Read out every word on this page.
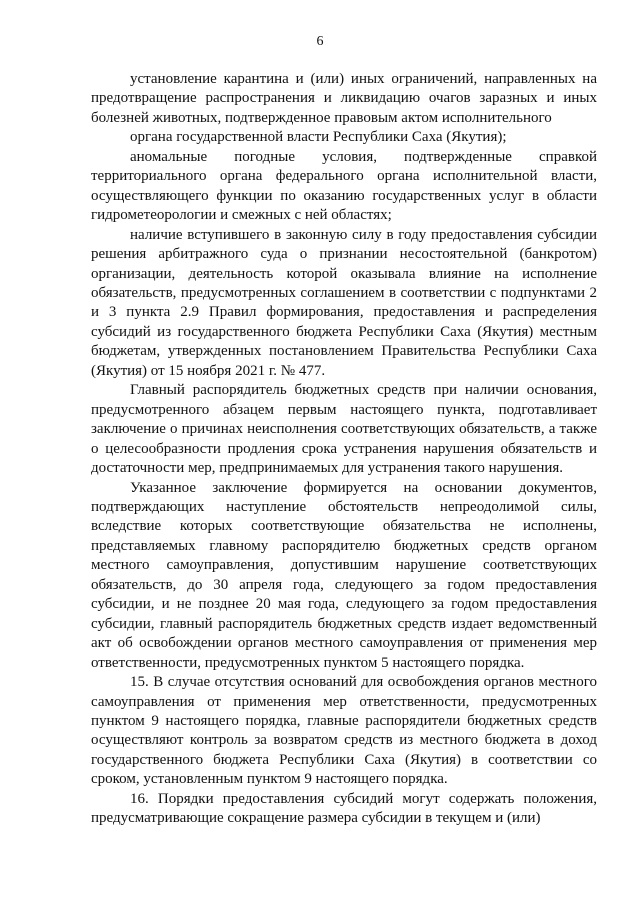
6

установление карантина и (или) иных ограничений, направленных на предотвращение распространения и ликвидацию очагов заразных и иных болезней животных, подтвержденное правовым актом исполнительного

органа государственной власти Республики Саха (Якутия);

аномальные погодные условия, подтвержденные справкой территориального органа федерального органа исполнительной власти, осуществляющего функции по оказанию государственных услуг в области гидрометеорологии и смежных с ней областях;

наличие вступившего в законную силу в году предоставления субсидии решения арбитражного суда о признании несостоятельной (банкротом) организации, деятельность которой оказывала влияние на исполнение обязательств, предусмотренных соглашением в соответствии с подпунктами 2 и 3 пункта 2.9 Правил формирования, предоставления и распределения субсидий из государственного бюджета Республики Саха (Якутия) местным бюджетам, утвержденных постановлением Правительства Республики Саха (Якутия) от 15 ноября 2021 г. № 477.

Главный распорядитель бюджетных средств при наличии основания, предусмотренного абзацем первым настоящего пункта, подготавливает заключение о причинах неисполнения соответствующих обязательств, а также о целесообразности продления срока устранения нарушения обязательств и достаточности мер, предпринимаемых для устранения такого нарушения.

Указанное заключение формируется на основании документов, подтверждающих наступление обстоятельств непреодолимой силы, вследствие которых соответствующие обязательства не исполнены, представляемых главному распорядителю бюджетных средств органом местного самоуправления, допустившим нарушение соответствующих обязательств, до 30 апреля года, следующего за годом предоставления субсидии, и не позднее 20 мая года, следующего за годом предоставления субсидии, главный распорядитель бюджетных средств издает ведомственный акт об освобождении органов местного самоуправления от применения мер ответственности, предусмотренных пунктом 5 настоящего порядка.

15. В случае отсутствия оснований для освобождения органов местного самоуправления от применения мер ответственности, предусмотренных пунктом 9 настоящего порядка, главные распорядители бюджетных средств осуществляют контроль за возвратом средств из местного бюджета в доход государственного бюджета Республики Саха (Якутия) в соответствии со сроком, установленным пунктом 9 настоящего порядка.

16. Порядки предоставления субсидий могут содержать положения, предусматривающие сокращение размера субсидии в текущем и (или)
